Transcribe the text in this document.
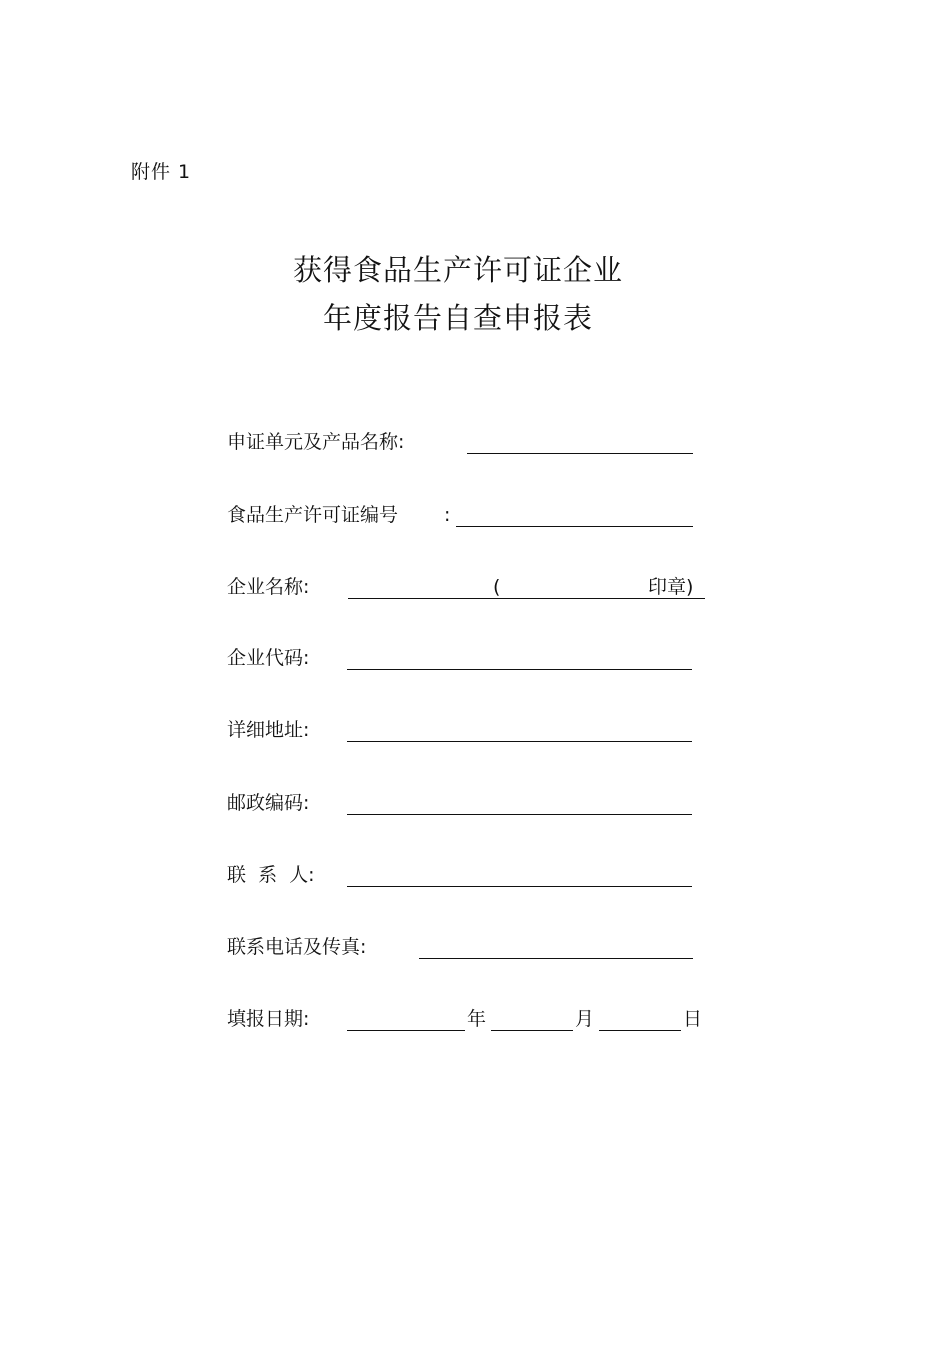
附件 1
获得食品生产许可证企业
年度报告自查申报表
申证单元及产品名称:
食品生产许可证编号 :
企业名称:	(	印章)
企业代码:
详细地址:
邮政编码:
联  系  人:
联系电话及传真:
填报日期:	年	月	日
